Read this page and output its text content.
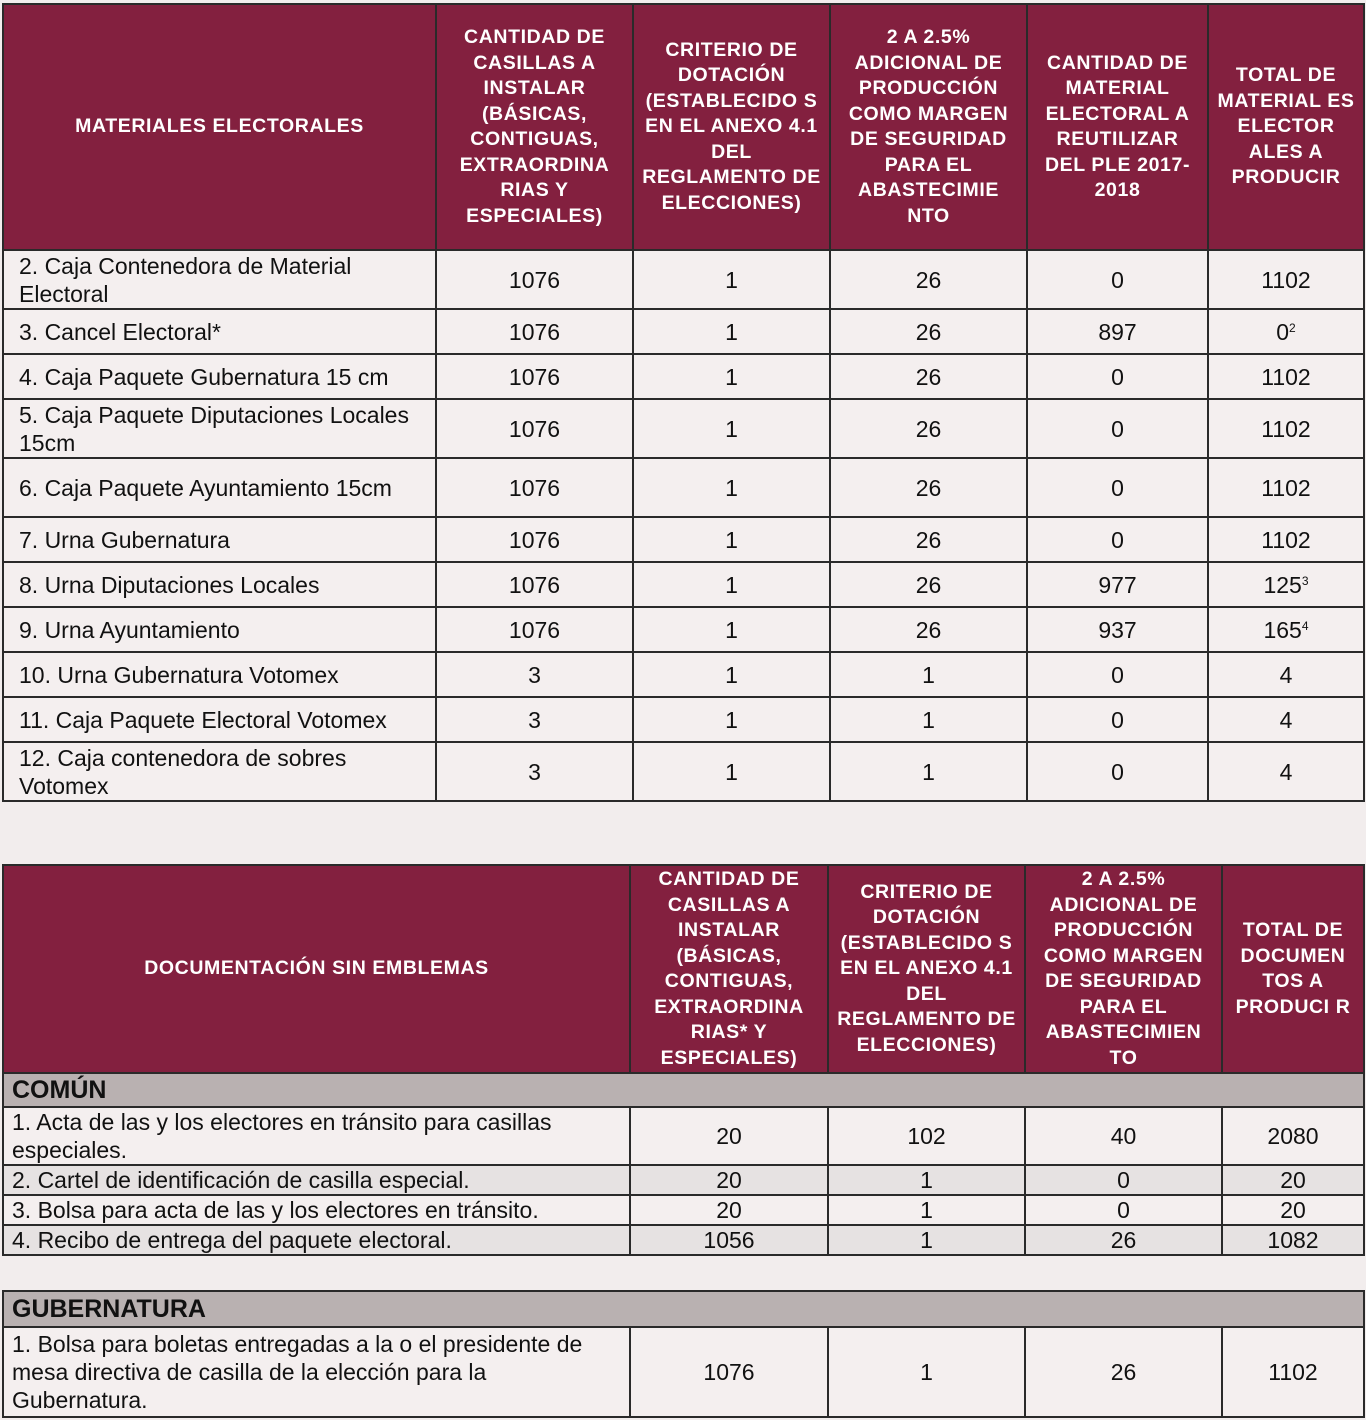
MATERIALES ELECTORALES	CANTIDAD DE CASILLAS A INSTALAR (BÁSICAS, CONTIGUAS, EXTRAORDINA RIAS Y ESPECIALES)	CRITERIO DE DOTACIÓN (ESTABLECIDO S EN EL ANEXO 4.1 DEL REGLAMENTO DE ELECCIONES)	2 A 2.5% ADICIONAL DE PRODUCCIÓN COMO MARGEN DE SEGURIDAD PARA EL ABASTECIMIE NTO	CANTIDAD DE MATERIAL ELECTORAL A REUTILIZAR DEL PLE 2017-2018	TOTAL DE MATERIAL ES ELECTOR ALES A PRODUCIR

2. Caja Contenedora de Material Electoral	1076	1	26	0	1102
3. Cancel Electoral*	1076	1	26	897	$0^2$
4. Caja Paquete Gubernatura 15 cm	1076	1	26	0	1102
5. Caja Paquete Diputaciones Locales 15cm	1076	1	26	0	1102
6. Caja Paquete Ayuntamiento 15cm	1076	1	26	0	1102
7. Urna Gubernatura	1076	1	26	0	1102
8. Urna Diputaciones Locales	1076	1	26	977	$125^3$
9. Urna Ayuntamiento	1076	1	26	937	$165^4$
10. Urna Gubernatura Votomex	3	1	1	0	4
11. Caja Paquete Electoral Votomex	3	1	1	0	4
12. Caja contenedora de sobres Votomex	3	1	1	0	4
DOCUMENTACIÓN SIN EMBLEMAS	CANTIDAD DE CASILLAS A INSTALAR (BÁSICAS, CONTIGUAS, EXTRAORDINA RIAS* Y ESPECIALES)	CRITERIO DE DOTACIÓN (ESTABLECIDO S EN EL ANEXO 4.1 DEL REGLAMENTO DE ELECCIONES)	2 A 2.5% ADICIONAL DE PRODUCCIÓN COMO MARGEN DE SEGURIDAD PARA EL ABASTECIMIEN TO	TOTAL DE DOCUMEN TOS A PRODUCI R

COMÚN				
1. Acta de las y los electores en tránsito para casillas especiales.	20	102	40	2080
2. Cartel de identificación de casilla especial.	20	1	0	20
3. Bolsa para acta de las y los electores en tránsito.	20	1	0	20
4. Recibo de entrega del paquete electoral.	1056	1	26	1082
GUBERNATURA
1. Bolsa para boletas entregadas a la o el presidente de mesa directiva de casilla de la elección para la Gubernatura.	1076	1	26	1102
